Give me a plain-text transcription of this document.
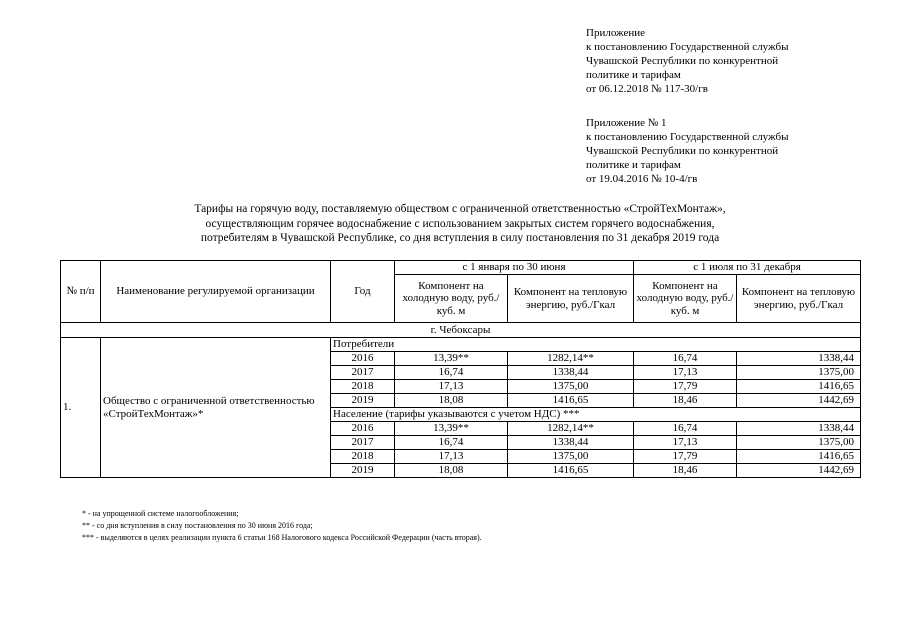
Приложение
к постановлению Государственной службы
Чувашской Республики по конкурентной
политике и тарифам
от 06.12.2018 № 117-30/гв
Приложение № 1
к постановлению Государственной службы
Чувашской Республики по конкурентной
политике и тарифам
от 19.04.2016 № 10-4/гв
Тарифы на горячую воду, поставляемую обществом с ограниченной ответственностью «СтройТехМонтаж»,
осуществляющим горячее водоснабжение с использованием закрытых систем горячего водоснабжения,
потребителям в Чувашской Республике, со дня вступления в силу постановления по 31 декабря 2019 года
№ п/п	Наименование регулируемой организации	Год	с 1 января по 30 июня		с 1 июля по 31 декабря	
			Компонент на холодную воду, руб./куб. м	Компонент на тепловую энергию, руб./Гкал	Компонент на холодную воду, руб./куб. м	Компонент на тепловую энергию, руб./Гкал
г. Чебоксары						
1.	Общество с ограниченной ответственностью «СтройТехМонтаж»*	Потребители				
		2016	13,39**	1282,14**	16,74	1338,44
		2017	16,74	1338,44	17,13	1375,00
		2018	17,13	1375,00	17,79	1416,65
		2019	18,08	1416,65	18,46	1442,69
		Население (тарифы указываются с учетом НДС) ***				
		2016	13,39**	1282,14**	16,74	1338,44
		2017	16,74	1338,44	17,13	1375,00
		2018	17,13	1375,00	17,79	1416,65
		2019	18,08	1416,65	18,46	1442,69
* - на упрощенной системе налогообложения;
** - со дня вступления в силу постановления по 30 июня 2016 года;
*** - выделяются в целях реализации пункта 6 статьи 168 Налогового кодекса Российской Федерации (часть вторая).
